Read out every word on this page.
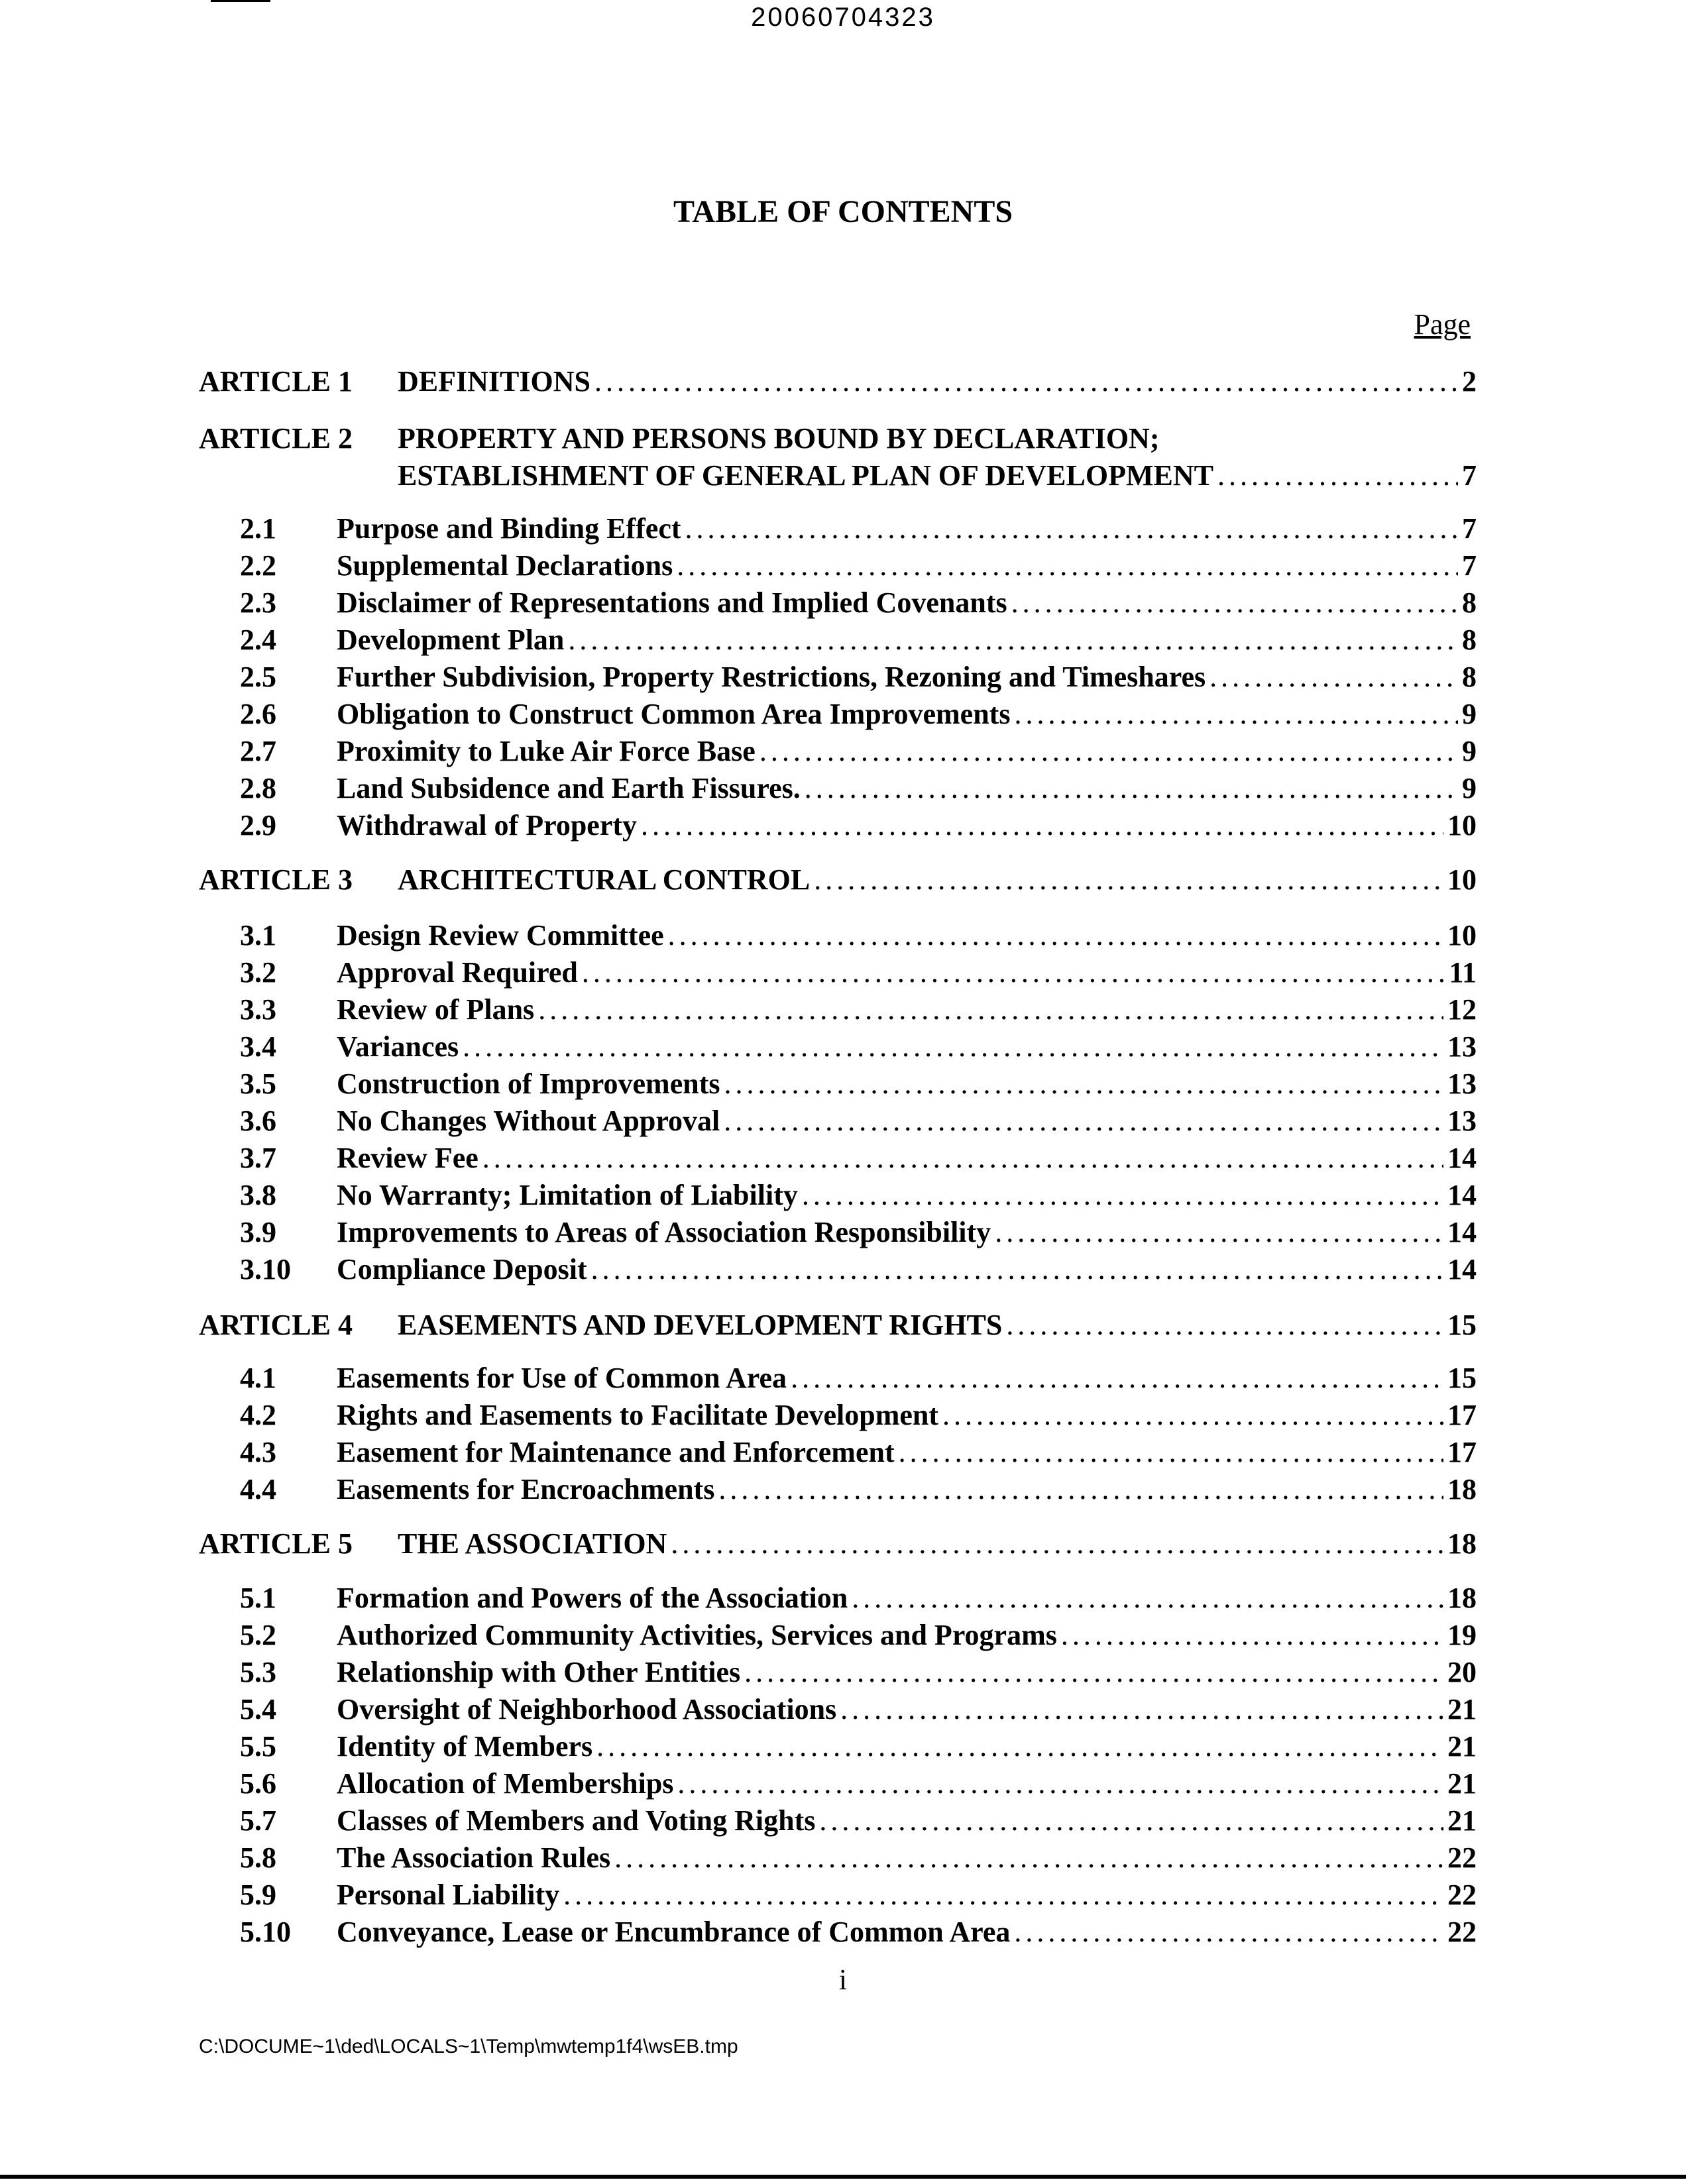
20060704323
TABLE OF CONTENTS
Page
ARTICLE 1 DEFINITIONS .....	2
ARTICLE 2 PROPERTY AND PERSONS BOUND BY DECLARATION;
ESTABLISHMENT OF GENERAL PLAN OF DEVELOPMENT .....	7
2.1 Purpose and Binding Effect .....	7
2.2 Supplemental Declarations .....	7
2.3 Disclaimer of Representations and Implied Covenants .....	8
2.4 Development Plan .....	8
2.5 Further Subdivision, Property Restrictions, Rezoning and Timeshares .....	8
2.6 Obligation to Construct Common Area Improvements .....	9
2.7 Proximity to Luke Air Force Base .....	9
2.8 Land Subsidence and Earth Fissures. .....	9
2.9 Withdrawal of Property .....	10
ARTICLE 3 ARCHITECTURAL CONTROL .....	10
3.1 Design Review Committee .....	10
3.2 Approval Required .....	11
3.3 Review of Plans .....	12
3.4 Variances .....	13
3.5 Construction of Improvements .....	13
3.6 No Changes Without Approval .....	13
3.7 Review Fee .....	14
3.8 No Warranty; Limitation of Liability .....	14
3.9 Improvements to Areas of Association Responsibility .....	14
3.10 Compliance Deposit .....	14
ARTICLE 4 EASEMENTS AND DEVELOPMENT RIGHTS .....	15
4.1 Easements for Use of Common Area .....	15
4.2 Rights and Easements to Facilitate Development .....	17
4.3 Easement for Maintenance and Enforcement .....	17
4.4 Easements for Encroachments .....	18
ARTICLE 5 THE ASSOCIATION .....	18
5.1 Formation and Powers of the Association .....	18
5.2 Authorized Community Activities, Services and Programs .....	19
5.3 Relationship with Other Entities .....	20
5.4 Oversight of Neighborhood Associations .....	21
5.5 Identity of Members .....	21
5.6 Allocation of Memberships .....	21
5.7 Classes of Members and Voting Rights .....	21
5.8 The Association Rules .....	22
5.9 Personal Liability .....	22
5.10 Conveyance, Lease or Encumbrance of Common Area .....	22
i
C:\DOCUME~1\ded\LOCALS~1\Temp\mwtemp1f4\wsEB.tmp
